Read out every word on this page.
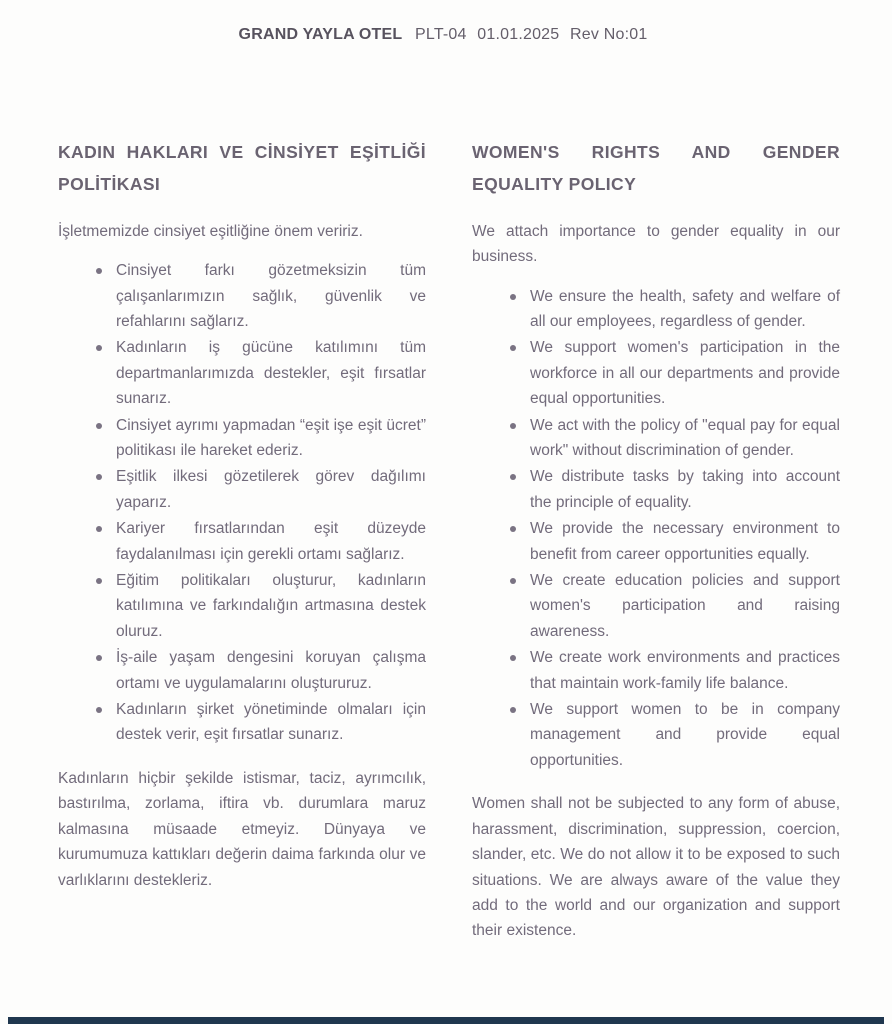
GRAND YAYLA OTEL PLT-04 01.01.2025 Rev No:01
KADIN HAKLARI VE CİNSİYET EŞİTLİĞİ POLİTİKASI

İşletmemizde cinsiyet eşitliğine önem veririz.

Cinsiyet farkı gözetmeksizin tüm çalışanlarımızın sağlık, güvenlik ve refahlarını sağlarız.
Kadınların iş gücüne katılımını tüm departmanlarımızda destekler, eşit fırsatlar sunarız.
Cinsiyet ayrımı yapmadan “eşit işe eşit ücret” politikası ile hareket ederiz.
Eşitlik ilkesi gözetilerek görev dağılımı yaparız.
Kariyer fırsatlarından eşit düzeyde faydalanılması için gerekli ortamı sağlarız.
Eğitim politikaları oluşturur, kadınların katılımına ve farkındalığın artmasına destek oluruz.
İş-aile yaşam dengesini koruyan çalışma ortamı ve uygulamalarını oluştururuz.
Kadınların şirket yönetiminde olmaları için destek verir, eşit fırsatlar sunarız.

Kadınların hiçbir şekilde istismar, taciz, ayrımcılık, bastırılma, zorlama, iftira vb. durumlara maruz kalmasına müsaade etmeyiz. Dünyaya ve kurumumuza kattıkları değerin daima farkında olur ve varlıklarını destekleriz.

WOMEN'S RIGHTS AND GENDER EQUALITY POLICY

We attach importance to gender equality in our business.

We ensure the health, safety and welfare of all our employees, regardless of gender.
We support women's participation in the workforce in all our departments and provide equal opportunities.
We act with the policy of "equal pay for equal work" without discrimination of gender.
We distribute tasks by taking into account the principle of equality.
We provide the necessary environment to benefit from career opportunities equally.
We create education policies and support women's participation and raising awareness.
We create work environments and practices that maintain work-family life balance.
We support women to be in company management and provide equal opportunities.

Women shall not be subjected to any form of abuse, harassment, discrimination, suppression, coercion, slander, etc. We do not allow it to be exposed to such situations. We are always aware of the value they add to the world and our organization and support their existence.
